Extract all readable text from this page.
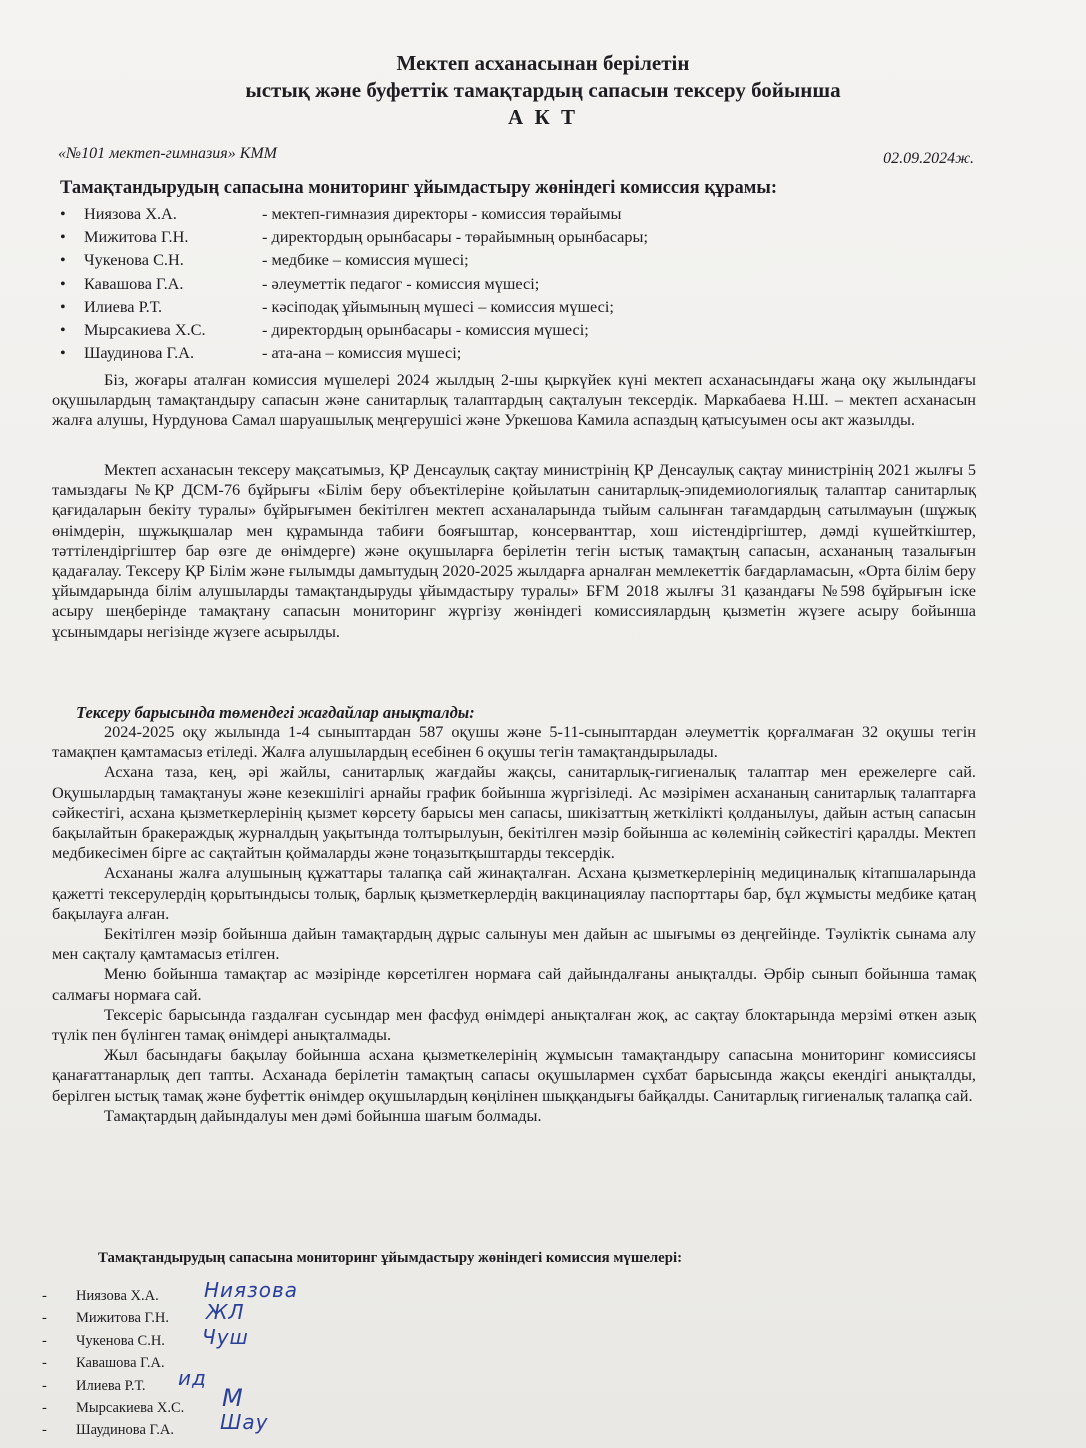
Мектеп асханасынан берілетін
ыстық және буфеттік тамақтардың сапасын тексеру бойынша
А К Т
«№101 мектеп-гимназия» КММ	02.09.2024ж.
Тамақтандырудың сапасына мониторинг ұйымдастыру жөніндегі комиссия құрамы:
•	Ниязова Х.А.	- мектеп-гимназия директоры - комиссия төрайымы
•	Мижитова Г.Н.	- директордың орынбасары - төрайымның орынбасары;
•	Чукенова С.Н.	- медбике – комиссия мүшесі;
•	Кавашова Г.А.	- әлеуметтік педагог - комиссия мүшесі;
•	Илиева Р.Т.	- кәсіподақ ұйымының мүшесі – комиссия мүшесі;
•	Мырсакиева Х.С.	- директордың орынбасары - комиссия мүшесі;
•	Шаудинова Г.А.	- ата-ана – комиссия мүшесі;

Біз, жоғары аталған комиссия мүшелері 2024 жылдың 2-шы қыркүйек күні мектеп асханасындағы жаңа оқу жылындағы оқушылардың тамақтандыру сапасын және санитарлық талаптардың сақталуын тексердік. Маркабаева Н.Ш. – мектеп асханасын жалға алушы, Нурдунова Самал шаруашылық меңгерушісі және Уркешова Камила аспаздың қатысуымен осы акт жазылды.

Мектеп асханасын тексеру мақсатымыз, ҚР Денсаулық сақтау министрінің ҚР Денсаулық сақтау министрінің 2021 жылғы 5 тамыздағы №ҚР ДСМ-76 бұйрығы «Білім беру объектілеріне қойылатын санитарлық-эпидемиологиялық талаптар санитарлық қағидаларын бекіту туралы» бұйрығымен бекітілген мектеп асханаларында тыйым салынған тағамдардың сатылмауын (шұжық өнімдерін, шұжықшалар мен құрамында табиғи бояғыштар, консерванттар, хош иістендіргіштер, дәмді күшейткіштер, тәттілендіргіштер бар өзге де өнімдерге) және оқушыларға берілетін тегін ыстық тамақтың сапасын, асхананың тазалығын қадағалау. Тексеру ҚР Білім және ғылымды дамытудың 2020-2025 жылдарға арналған мемлекеттік бағдарламасын, «Орта білім беру ұйымдарында білім алушыларды тамақтандыруды ұйымдастыру туралы» БҒМ 2018 жылғы 31 қазандағы №598 бұйрығын іске асыру шеңберінде тамақтану сапасын мониторинг жүргізу жөніндегі комиссиялардың қызметін жүзеге асыру бойынша ұсынымдары негізінде жүзеге асырылды.

Тексеру барысында төмендегі жағдайлар анықталды:

2024-2025 оқу жылында 1-4 сыныптардан 587 оқушы және 5-11-сыныптардан әлеуметтік қорғалмаған 32 оқушы тегін тамақпен қамтамасыз етіледі. Жалға алушылардың есебінен 6 оқушы тегін тамақтандырылады.

Асхана таза, кең, әрі жайлы, санитарлық жағдайы жақсы, санитарлық-гигиеналық талаптар мен ережелерге сай. Оқушылардың тамақтануы және кезекшілігі арнайы график бойынша жүргізіледі. Ас мәзірімен асхананың санитарлық талаптарға сәйкестігі, асхана қызметкерлерінің қызмет көрсету барысы мен сапасы, шикізаттың жеткілікті қолданылуы, дайын астың сапасын бақылайтын бракераждық журналдың уақытында толтырылуын, бекітілген мәзір бойынша ас көлемінің сәйкестігі қаралды. Мектеп медбикесімен бірге ас сақтайтын қоймаларды және тоңазытқыштарды тексердік.

Асхананы жалға алушының құжаттары талапқа сай жинақталған. Асхана қызметкерлерінің медициналық кітапшаларында қажетті тексерулердің қорытындысы толық, барлық қызметкерлердің вакцинациялау паспорттары бар, бұл жұмысты медбике қатаң бақылауға алған.

Бекітілген мәзір бойынша дайын тамақтардың дұрыс салынуы мен дайын ас шығымы өз деңгейінде. Тәуліктік сынама алу мен сақталу қамтамасыз етілген.

Меню бойынша тамақтар ас мәзірінде көрсетілген нормаға сай дайындалғаны анықталды. Әрбір сынып бойынша тамақ салмағы нормаға сай.

Тексеріс барысында газдалған сусындар мен фасфуд өнімдері анықталған жоқ, ас сақтау блоктарында мерзімі өткен азық түлік пен бүлінген тамақ өнімдері анықталмады.

Жыл басындағы бақылау бойынша асхана қызметкелерінің жұмысын тамақтандыру сапасына мониторинг комиссиясы қанағаттанарлық деп тапты. Асханада берілетін тамақтың сапасы оқушылармен сұхбат барысында жақсы екендігі анықталды, берілген ыстық тамақ және буфеттік өнімдер оқушылардың көңілінен шыққандығы байқалды. Санитарлық гигиеналық талапқа сай.

Тамақтардың дайындалуы мен дәмі бойынша шағым болмады.

Тамақтандырудың сапасына мониторинг ұйымдастыру жөніндегі комиссия мүшелері:
- Ниязова Х.А. Ниязова
- Мижитова Г.Н. ЖЛ
- Чукенова С.Н. Чуш
- Кавашова Г.А.
- Илиева Р.Т. ид
- Мырсакиева Х.С. М
- Шаудинова Г.А. Шау
